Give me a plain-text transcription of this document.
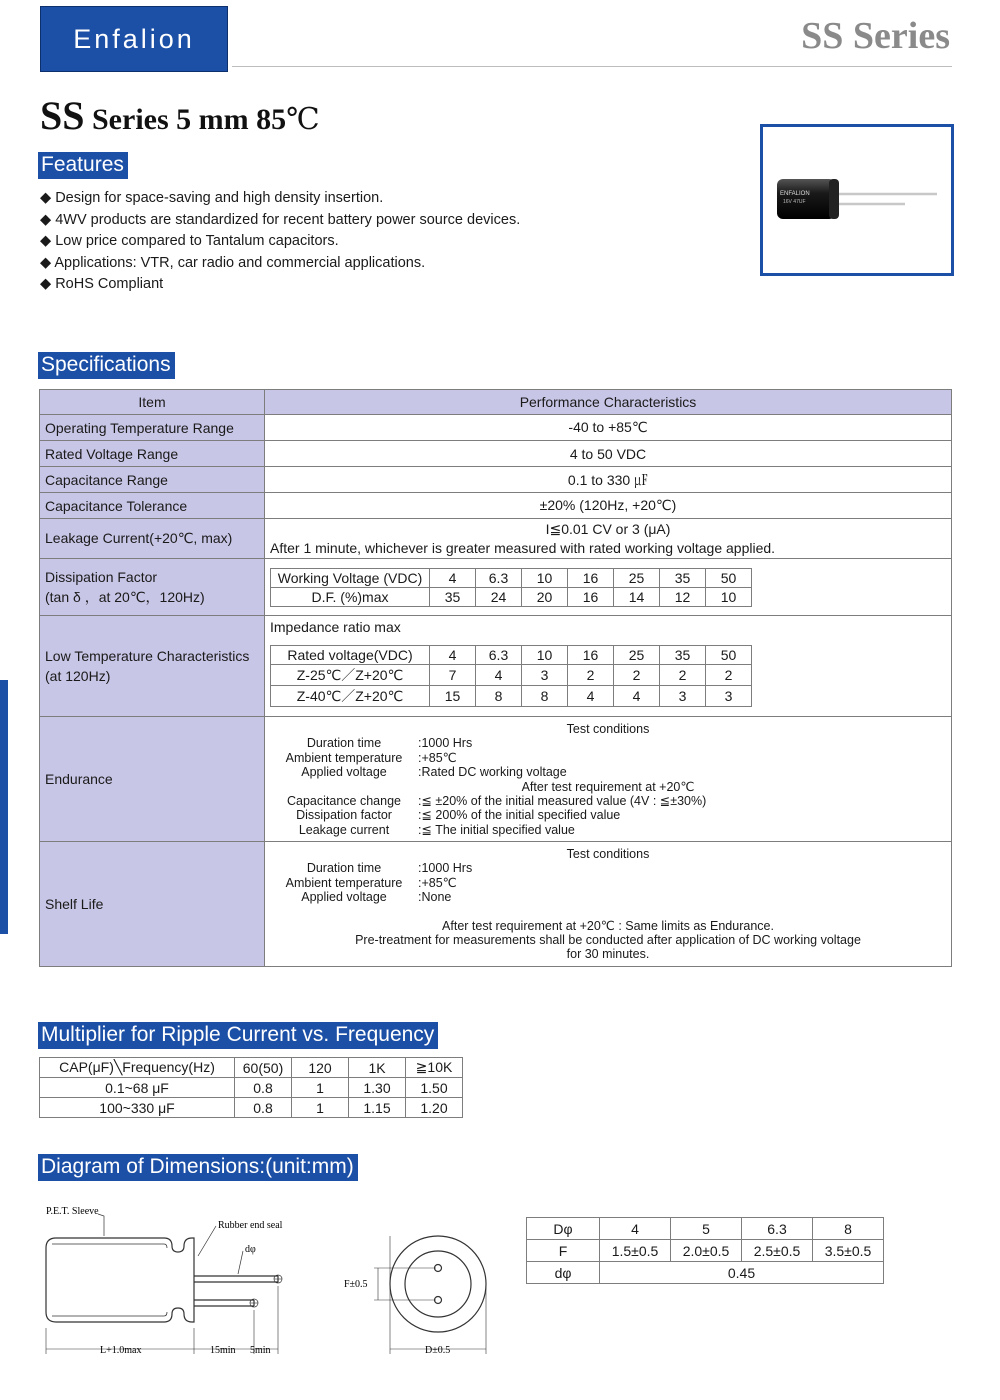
Enfalion	SS Series
SS Series 5 mm 85℃
Features
◆ Design for space-saving and high density insertion.
◆ 4WV products are standardized for recent battery power source devices.
◆ Low price compared to Tantalum capacitors.
◆ Applications: VTR, car radio and commercial applications.
◆ RoHS Compliant
ENFALION
16V 47UF
Specifications
Item	Performance Characteristics
Operating Temperature Range	-40 to +85℃
Rated Voltage Range	4 to 50 VDC
Capacitance Range	0.1 to 330 ㎌
Capacitance Tolerance	±20% (120Hz, +20℃)
Leakage Current(+20℃, max)	
I≦0.01 CV or 3 (μA)
After 1 minute, whichever is greater measured with rated working voltage applied.

Dissipation Factor
(tan δ ，at 20℃，120Hz)

Working Voltage (VDC)	4	6.3	10	16	25	35	50
D.F. (%)max	35	24	20	16	14	12	10

Low Temperature Characteristics
(at 120Hz)

Impedance ratio max
Rated voltage(VDC)	4	6.3	10	16	25	35	50
Z-25℃／Z+20℃	7	4	3	2	2	2	2
Z-40℃／Z+20℃	15	8	8	4	4	3	3

Endurance	
Test conditions
Duration time	:1000 Hrs
Ambient temperature	:+85℃
Applied voltage	:Rated DC working voltage
After test requirement at +20℃
Capacitance change	:≦ ±20% of the initial measured value (4V : ≦±30%)
Dissipation factor	:≦ 200% of the initial specified value
Leakage current	:≦ The initial specified value

Shelf Life	
Test conditions
Duration time	:1000 Hrs
Ambient temperature	:+85℃
Applied voltage	:None
After test requirement at +20℃ : Same limits as Endurance.
Pre-treatment for measurements shall be conducted after application of DC working voltage
for 30 minutes.
Multiplier for Ripple Current vs. Frequency
CAP(μF)╲Frequency(Hz)	60(50)	120	1K	≧10K
0.1~68 μF	0.8	1	1.30	1.50
100~330 μF	0.8	1	1.15	1.20
Diagram of Dimensions:(unit:mm)
P.E.T. Sleeve
Rubber end seal
dφ
L+1.0max	15min 5min
F±0.5
D±0.5
Dφ	4	5	6.3	8
F	1.5±0.5	2.0±0.5	2.5±0.5	3.5±0.5
dφ	0.45			
